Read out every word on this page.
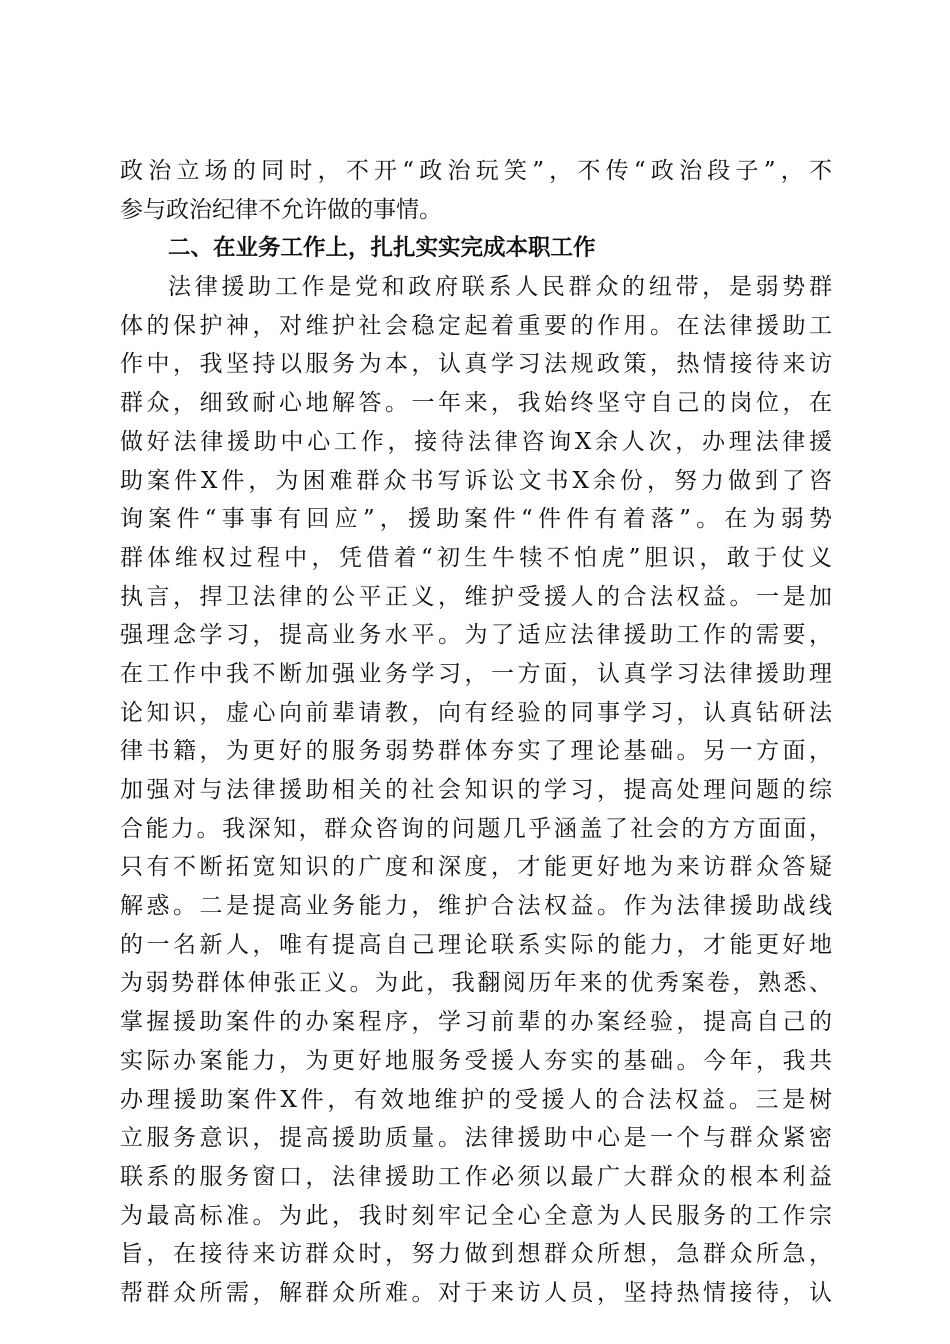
政治立场的同时，不开“政治玩笑”，不传“政治段子”，不
参与政治纪律不允许做的事情。
二、在业务工作上，扎扎实实完成本职工作
法律援助工作是党和政府联系人民群众的纽带，是弱势群
体的保护神，对维护社会稳定起着重要的作用。在法律援助工
作中，我坚持以服务为本，认真学习法规政策，热情接待来访
群众，细致耐心地解答。一年来，我始终坚守自己的岗位，在
做好法律援助中心工作，接待法律咨询X余人次，办理法律援
助案件X件，为困难群众书写诉讼文书X余份，努力做到了咨
询案件“事事有回应”，援助案件“件件有着落”。在为弱势
群体维权过程中，凭借着“初生牛犊不怕虎”胆识，敢于仗义
执言，捍卫法律的公平正义，维护受援人的合法权益。一是加
强理念学习，提高业务水平。为了适应法律援助工作的需要，
在工作中我不断加强业务学习，一方面，认真学习法律援助理
论知识，虚心向前辈请教，向有经验的同事学习，认真钻研法
律书籍，为更好的服务弱势群体夯实了理论基础。另一方面，
加强对与法律援助相关的社会知识的学习，提高处理问题的综
合能力。我深知，群众咨询的问题几乎涵盖了社会的方方面面，
只有不断拓宽知识的广度和深度，才能更好地为来访群众答疑
解惑。二是提高业务能力，维护合法权益。作为法律援助战线
的一名新人，唯有提高自己理论联系实际的能力，才能更好地
为弱势群体伸张正义。为此，我翻阅历年来的优秀案卷，熟悉、
掌握援助案件的办案程序，学习前辈的办案经验，提高自己的
实际办案能力，为更好地服务受援人夯实的基础。今年，我共
办理援助案件X件，有效地维护的受援人的合法权益。三是树
立服务意识，提高援助质量。法律援助中心是一个与群众紧密
联系的服务窗口，法律援助工作必须以最广大群众的根本利益
为最高标准。为此，我时刻牢记全心全意为人民服务的工作宗
旨，在接待来访群众时，努力做到想群众所想，急群众所急，
帮群众所需，解群众所难。对于来访人员，坚持热情接待，认
